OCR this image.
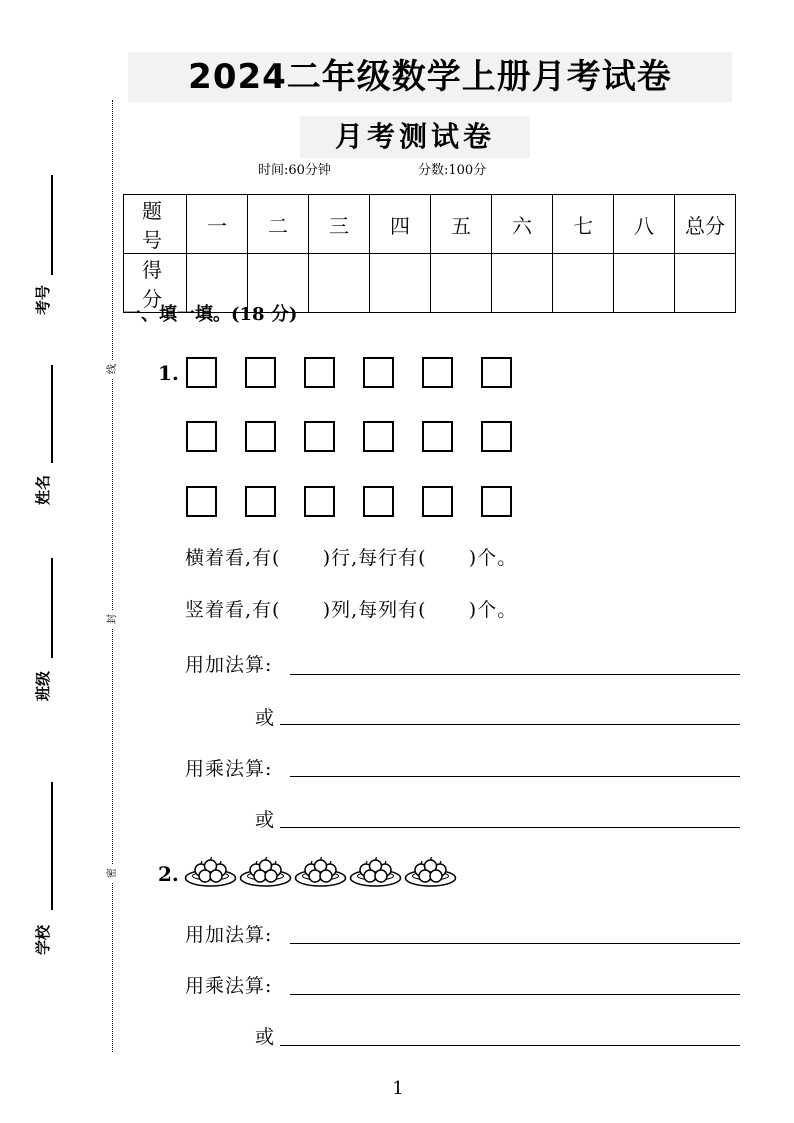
2024二年级数学上册月考试卷
月考测试卷
时间:60分钟	分数:100分
考号
姓名
班级
学校
线
封
密
题 号	一	二	三	四	五	六	七	八	总分
得 分									
一、填一填。(18 分)
1.
横着看,有(      )行,每行有(      )个。
竖着看,有(      )列,每列有(      )个。
用加法算:
或
用乘法算:
或
2.
用加法算:
用乘法算:
或
1
